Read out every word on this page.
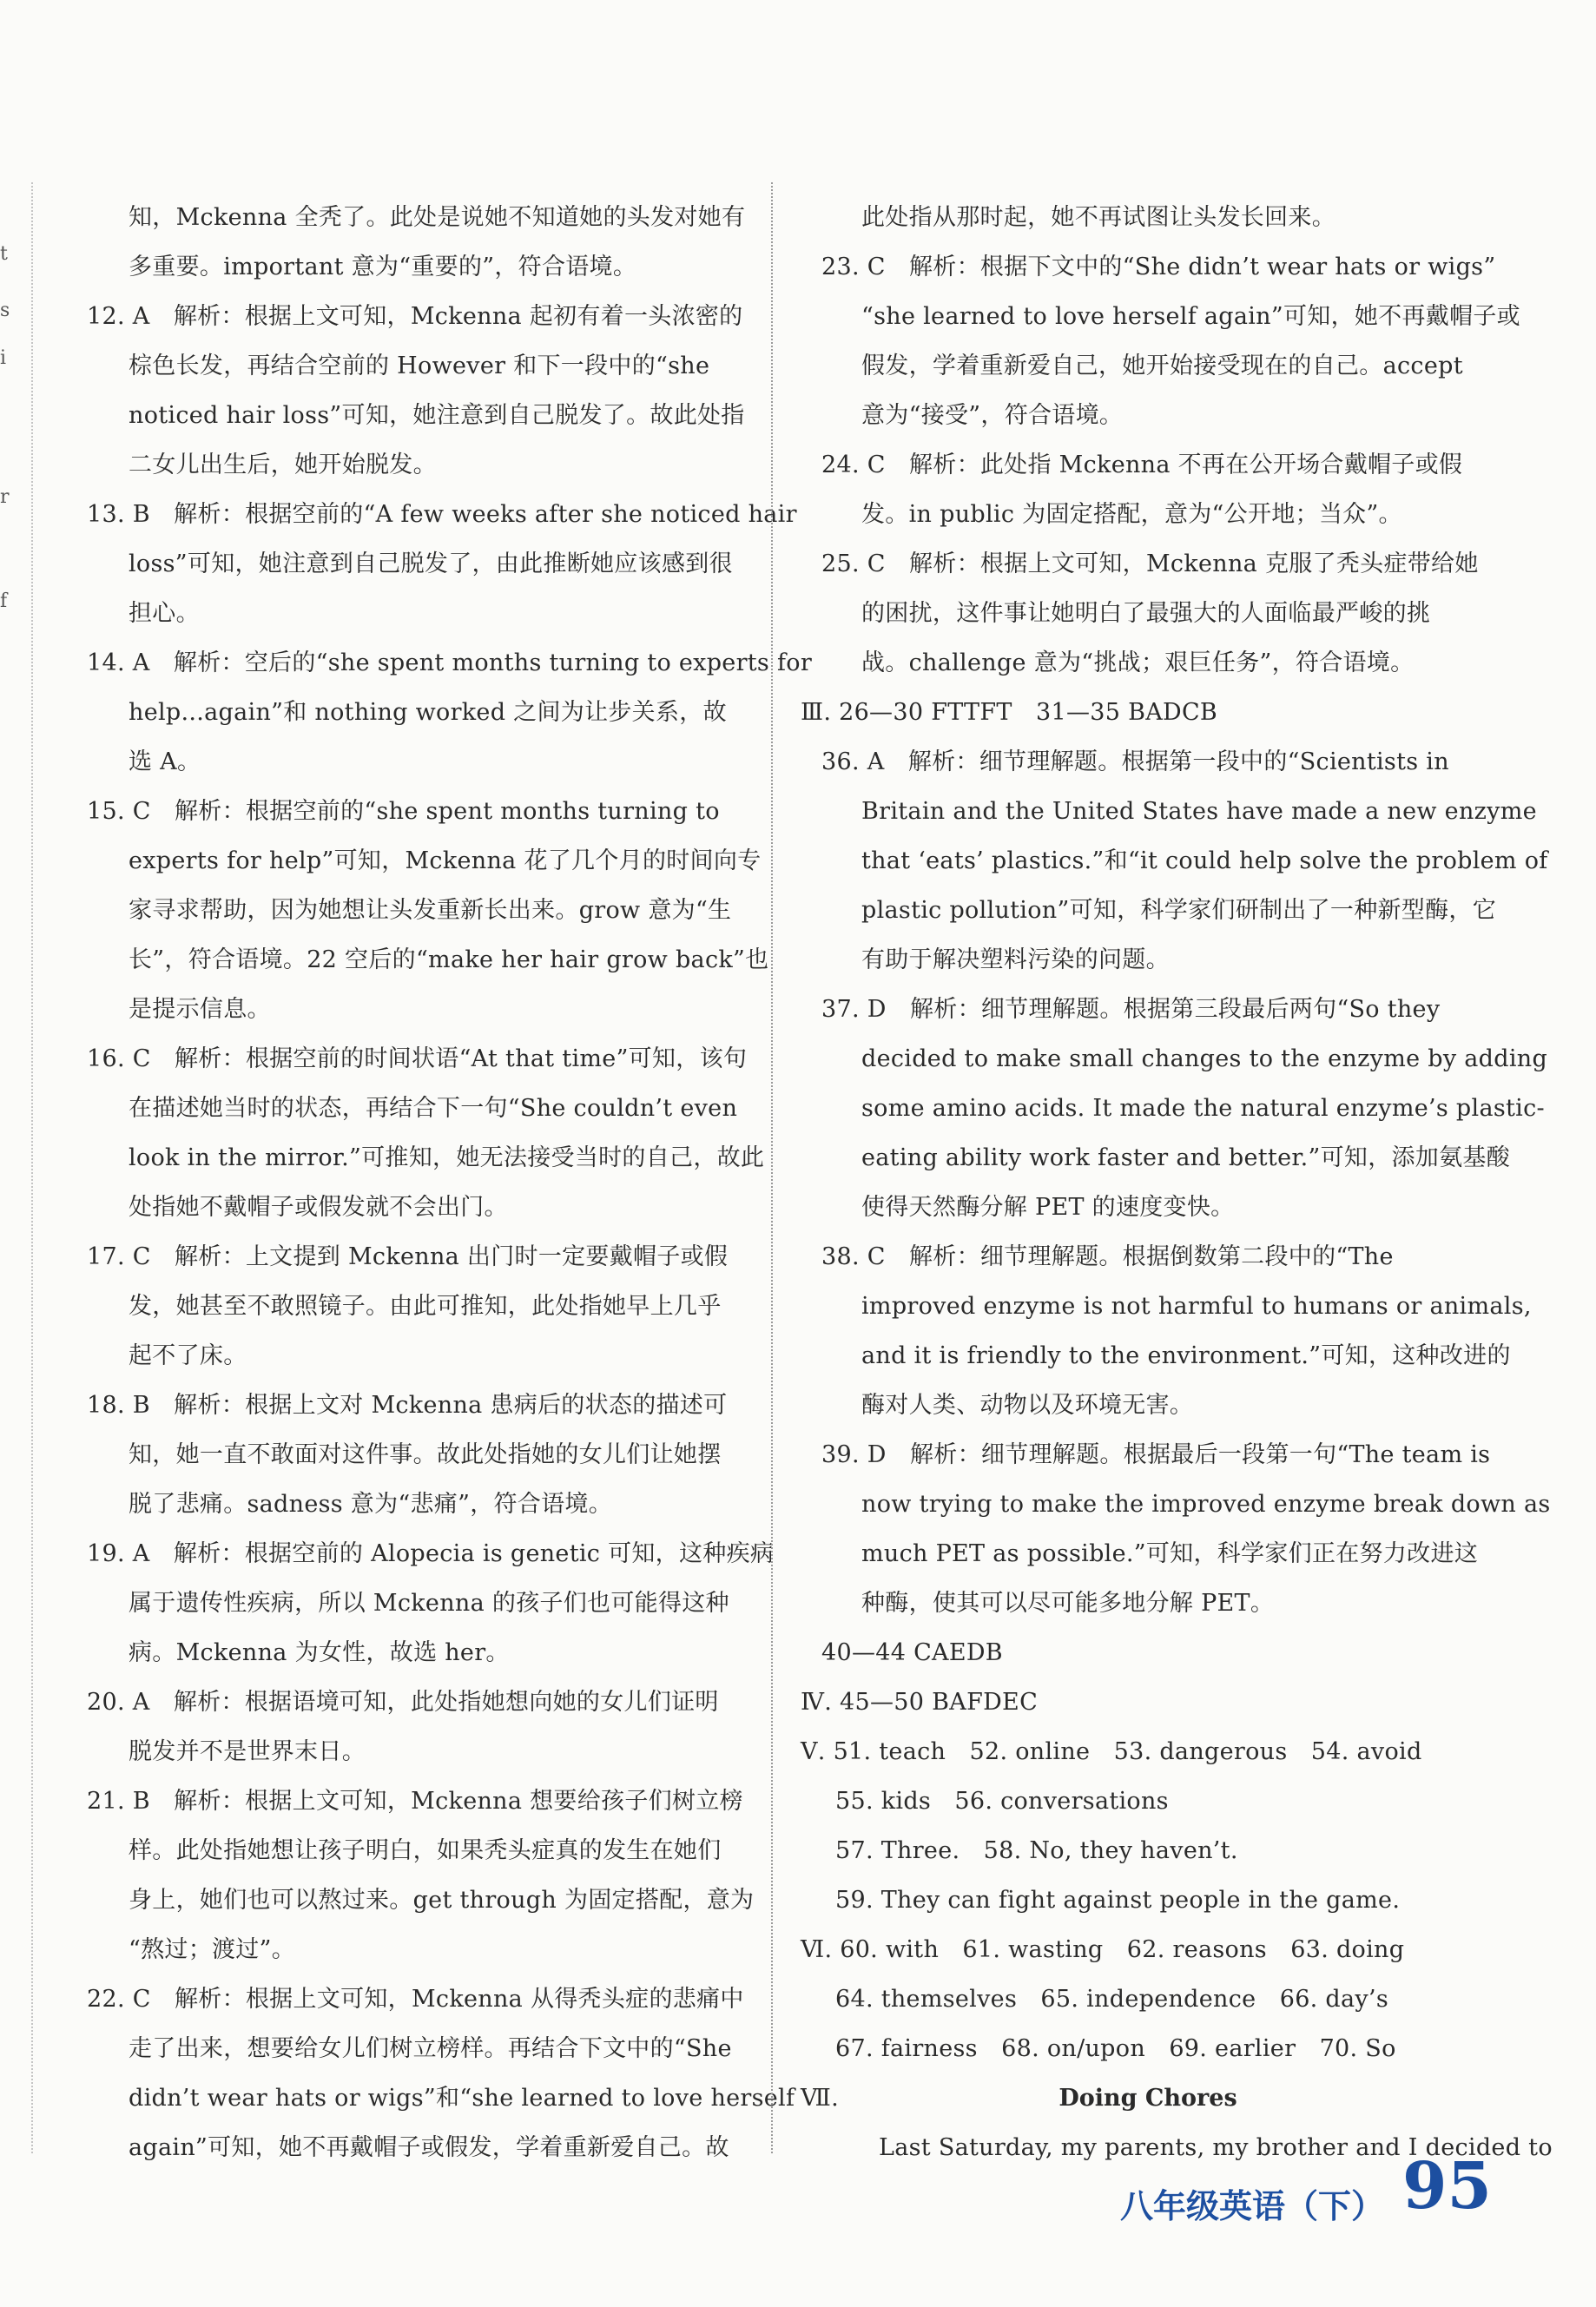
t
s
i
r
f
知，Mckenna 全秃了。此处是说她不知道她的头发对她有
多重要。important 意为“重要的”，符合语境。
12. A　解析：根据上文可知，Mckenna 起初有着一头浓密的
棕色长发，再结合空前的 However 和下一段中的“she
noticed hair loss”可知，她注意到自己脱发了。故此处指
二女儿出生后，她开始脱发。
13. B　解析：根据空前的“A few weeks after she noticed hair
loss”可知，她注意到自己脱发了，由此推断她应该感到很
担心。
14. A　解析：空后的“she spent months turning to experts for
help...again”和 nothing worked 之间为让步关系，故
选 A。
15. C　解析：根据空前的“she spent months turning to
experts for help”可知，Mckenna 花了几个月的时间向专
家寻求帮助，因为她想让头发重新长出来。grow 意为“生
长”，符合语境。22 空后的“make her hair grow back”也
是提示信息。
16. C　解析：根据空前的时间状语“At that time”可知，该句
在描述她当时的状态，再结合下一句“She couldn’t even
look in the mirror.”可推知，她无法接受当时的自己，故此
处指她不戴帽子或假发就不会出门。
17. C　解析：上文提到 Mckenna 出门时一定要戴帽子或假
发，她甚至不敢照镜子。由此可推知，此处指她早上几乎
起不了床。
18. B　解析：根据上文对 Mckenna 患病后的状态的描述可
知，她一直不敢面对这件事。故此处指她的女儿们让她摆
脱了悲痛。sadness 意为“悲痛”，符合语境。
19. A　解析：根据空前的 Alopecia is genetic 可知，这种疾病
属于遗传性疾病，所以 Mckenna 的孩子们也可能得这种
病。Mckenna 为女性，故选 her。
20. A　解析：根据语境可知，此处指她想向她的女儿们证明
脱发并不是世界末日。
21. B　解析：根据上文可知，Mckenna 想要给孩子们树立榜
样。此处指她想让孩子明白，如果秃头症真的发生在她们
身上，她们也可以熬过来。get through 为固定搭配，意为
“熬过；渡过”。
22. C　解析：根据上文可知，Mckenna 从得秃头症的悲痛中
走了出来，想要给女儿们树立榜样。再结合下文中的“She
didn’t wear hats or wigs”和“she learned to love herself
again”可知，她不再戴帽子或假发，学着重新爱自己。故
此处指从那时起，她不再试图让头发长回来。
23. C　解析：根据下文中的“She didn’t wear hats or wigs”
“she learned to love herself again”可知，她不再戴帽子或
假发，学着重新爱自己，她开始接受现在的自己。accept
意为“接受”，符合语境。
24. C　解析：此处指 Mckenna 不再在公开场合戴帽子或假
发。in public 为固定搭配，意为“公开地；当众”。
25. C　解析：根据上文可知，Mckenna 克服了秃头症带给她
的困扰，这件事让她明白了最强大的人面临最严峻的挑
战。challenge 意为“挑战；艰巨任务”，符合语境。
Ⅲ. 26—30 FTTFT　31—35 BADCB
36. A　解析：细节理解题。根据第一段中的“Scientists in
Britain and the United States have made a new enzyme
that ‘eats’ plastics.”和“it could help solve the problem of
plastic pollution”可知，科学家们研制出了一种新型酶，它
有助于解决塑料污染的问题。
37. D　解析：细节理解题。根据第三段最后两句“So they
decided to make small changes to the enzyme by adding
some amino acids. It made the natural enzyme’s plastic-
eating ability work faster and better.”可知，添加氨基酸
使得天然酶分解 PET 的速度变快。
38. C　解析：细节理解题。根据倒数第二段中的“The
improved enzyme is not harmful to humans or animals,
and it is friendly to the environment.”可知，这种改进的
酶对人类、动物以及环境无害。
39. D　解析：细节理解题。根据最后一段第一句“The team is
now trying to make the improved enzyme break down as
much PET as possible.”可知，科学家们正在努力改进这
种酶，使其可以尽可能多地分解 PET。
40—44 CAEDB
Ⅳ. 45—50 BAFDEC
Ⅴ. 51. teach　52. online　53. dangerous　54. avoid
55. kids　56. conversations
57. Three.　58. No, they haven’t.
59. They can fight against people in the game.
Ⅵ. 60. with　61. wasting　62. reasons　63. doing
64. themselves　65. independence　66. day’s
67. fairness　68. on/upon　69. earlier　70. So
Ⅶ.
Last Saturday, my parents, my brother and I decided to
Doing Chores
八年级英语（下） 95
